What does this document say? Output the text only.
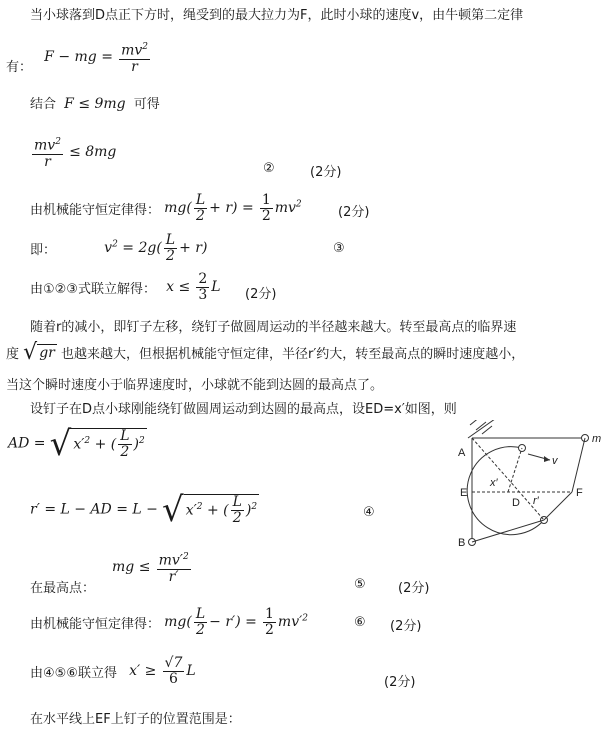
当小球落到D点正下方时，绳受到的最大拉力为F，此时小球的速度v，由牛顿第二定律
有： F − mg = $\frac{mv^2}{r}$
结合 F ≤ 9mg 可得
$\frac{mv^2}{r} \le 8mg$
②	(2分)
由机械能守恒定律得： $mg( \frac{L}{2} + r) = \frac{1}{2} mv^2$
(2分)
即：	$v^2 = 2g( \frac{L}{2} + r)$	③
由①②③式联立解得： $x \le \frac{2}{3}$ L (2分)
随着r的减小，即钉子左移，绕钉子做圆周运动的半径越来越大。转至最高点的临界速
度 √ gr 也越来越大，但根据机械能守恒定律，半径r′约大，转至最高点的瞬时速度越小，
当这个瞬时速度小于临界速度时，小球就不能到达圆的最高点了。
设钉子在D点小球刚能绕钉做圆周运动到达圆的最高点，设ED=x′如图，则
AD = √ $x'^2$ + ( $\frac{L}{2} )^2$
r′ = L − AD = L − √ $x'^2$ + ( $\frac{L}{2} )^2$	④
mg ≤ $\frac{mv'^2}{r'}$
在最高点：	⑤ (2分)
由机械能守恒定律得： $mg( \frac{L}{2} - r') = \frac{1}{2} mv'^2$	⑥ (2分)
由④⑤⑥联立得 $x' \ge \frac{√7}{6}$ L
(2分)
在水平线上EF上钉子的位置范围是：
A
B
E	F
D
x′
r′
v
m
